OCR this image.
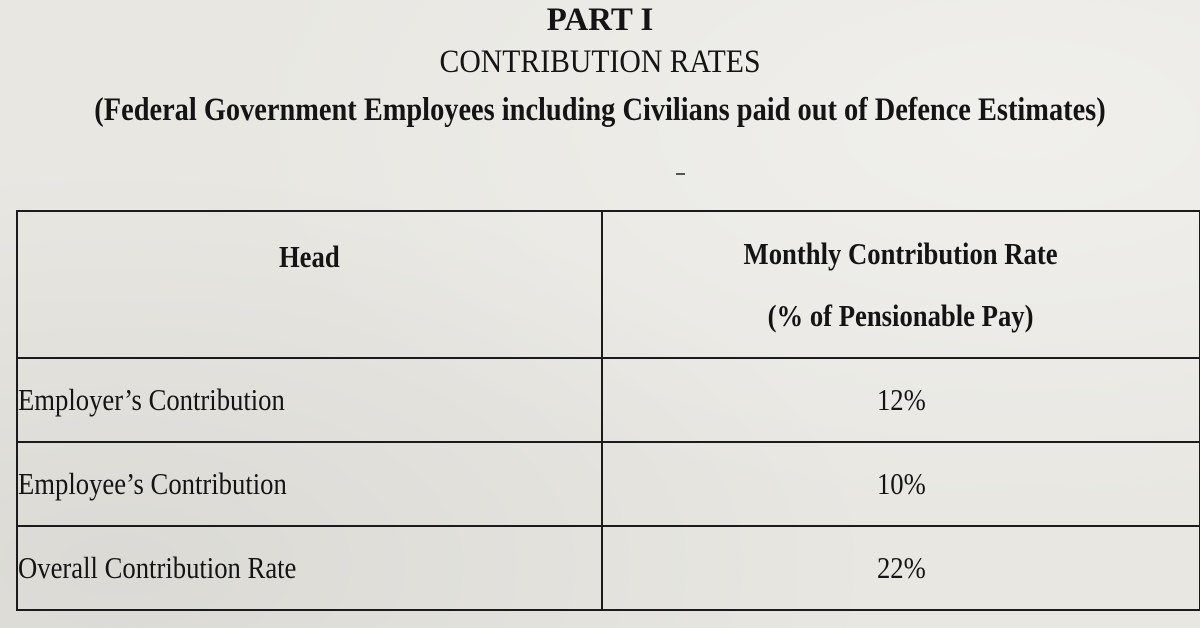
PART I
CONTRIBUTION RATES
(Federal Government Employees including Civilians paid out of Defence Estimates)
Head	Monthly Contribution Rate
(% of Pensionable Pay)
Employer’s Contribution	12%
Employee’s Contribution	10%
Overall Contribution Rate	22%
